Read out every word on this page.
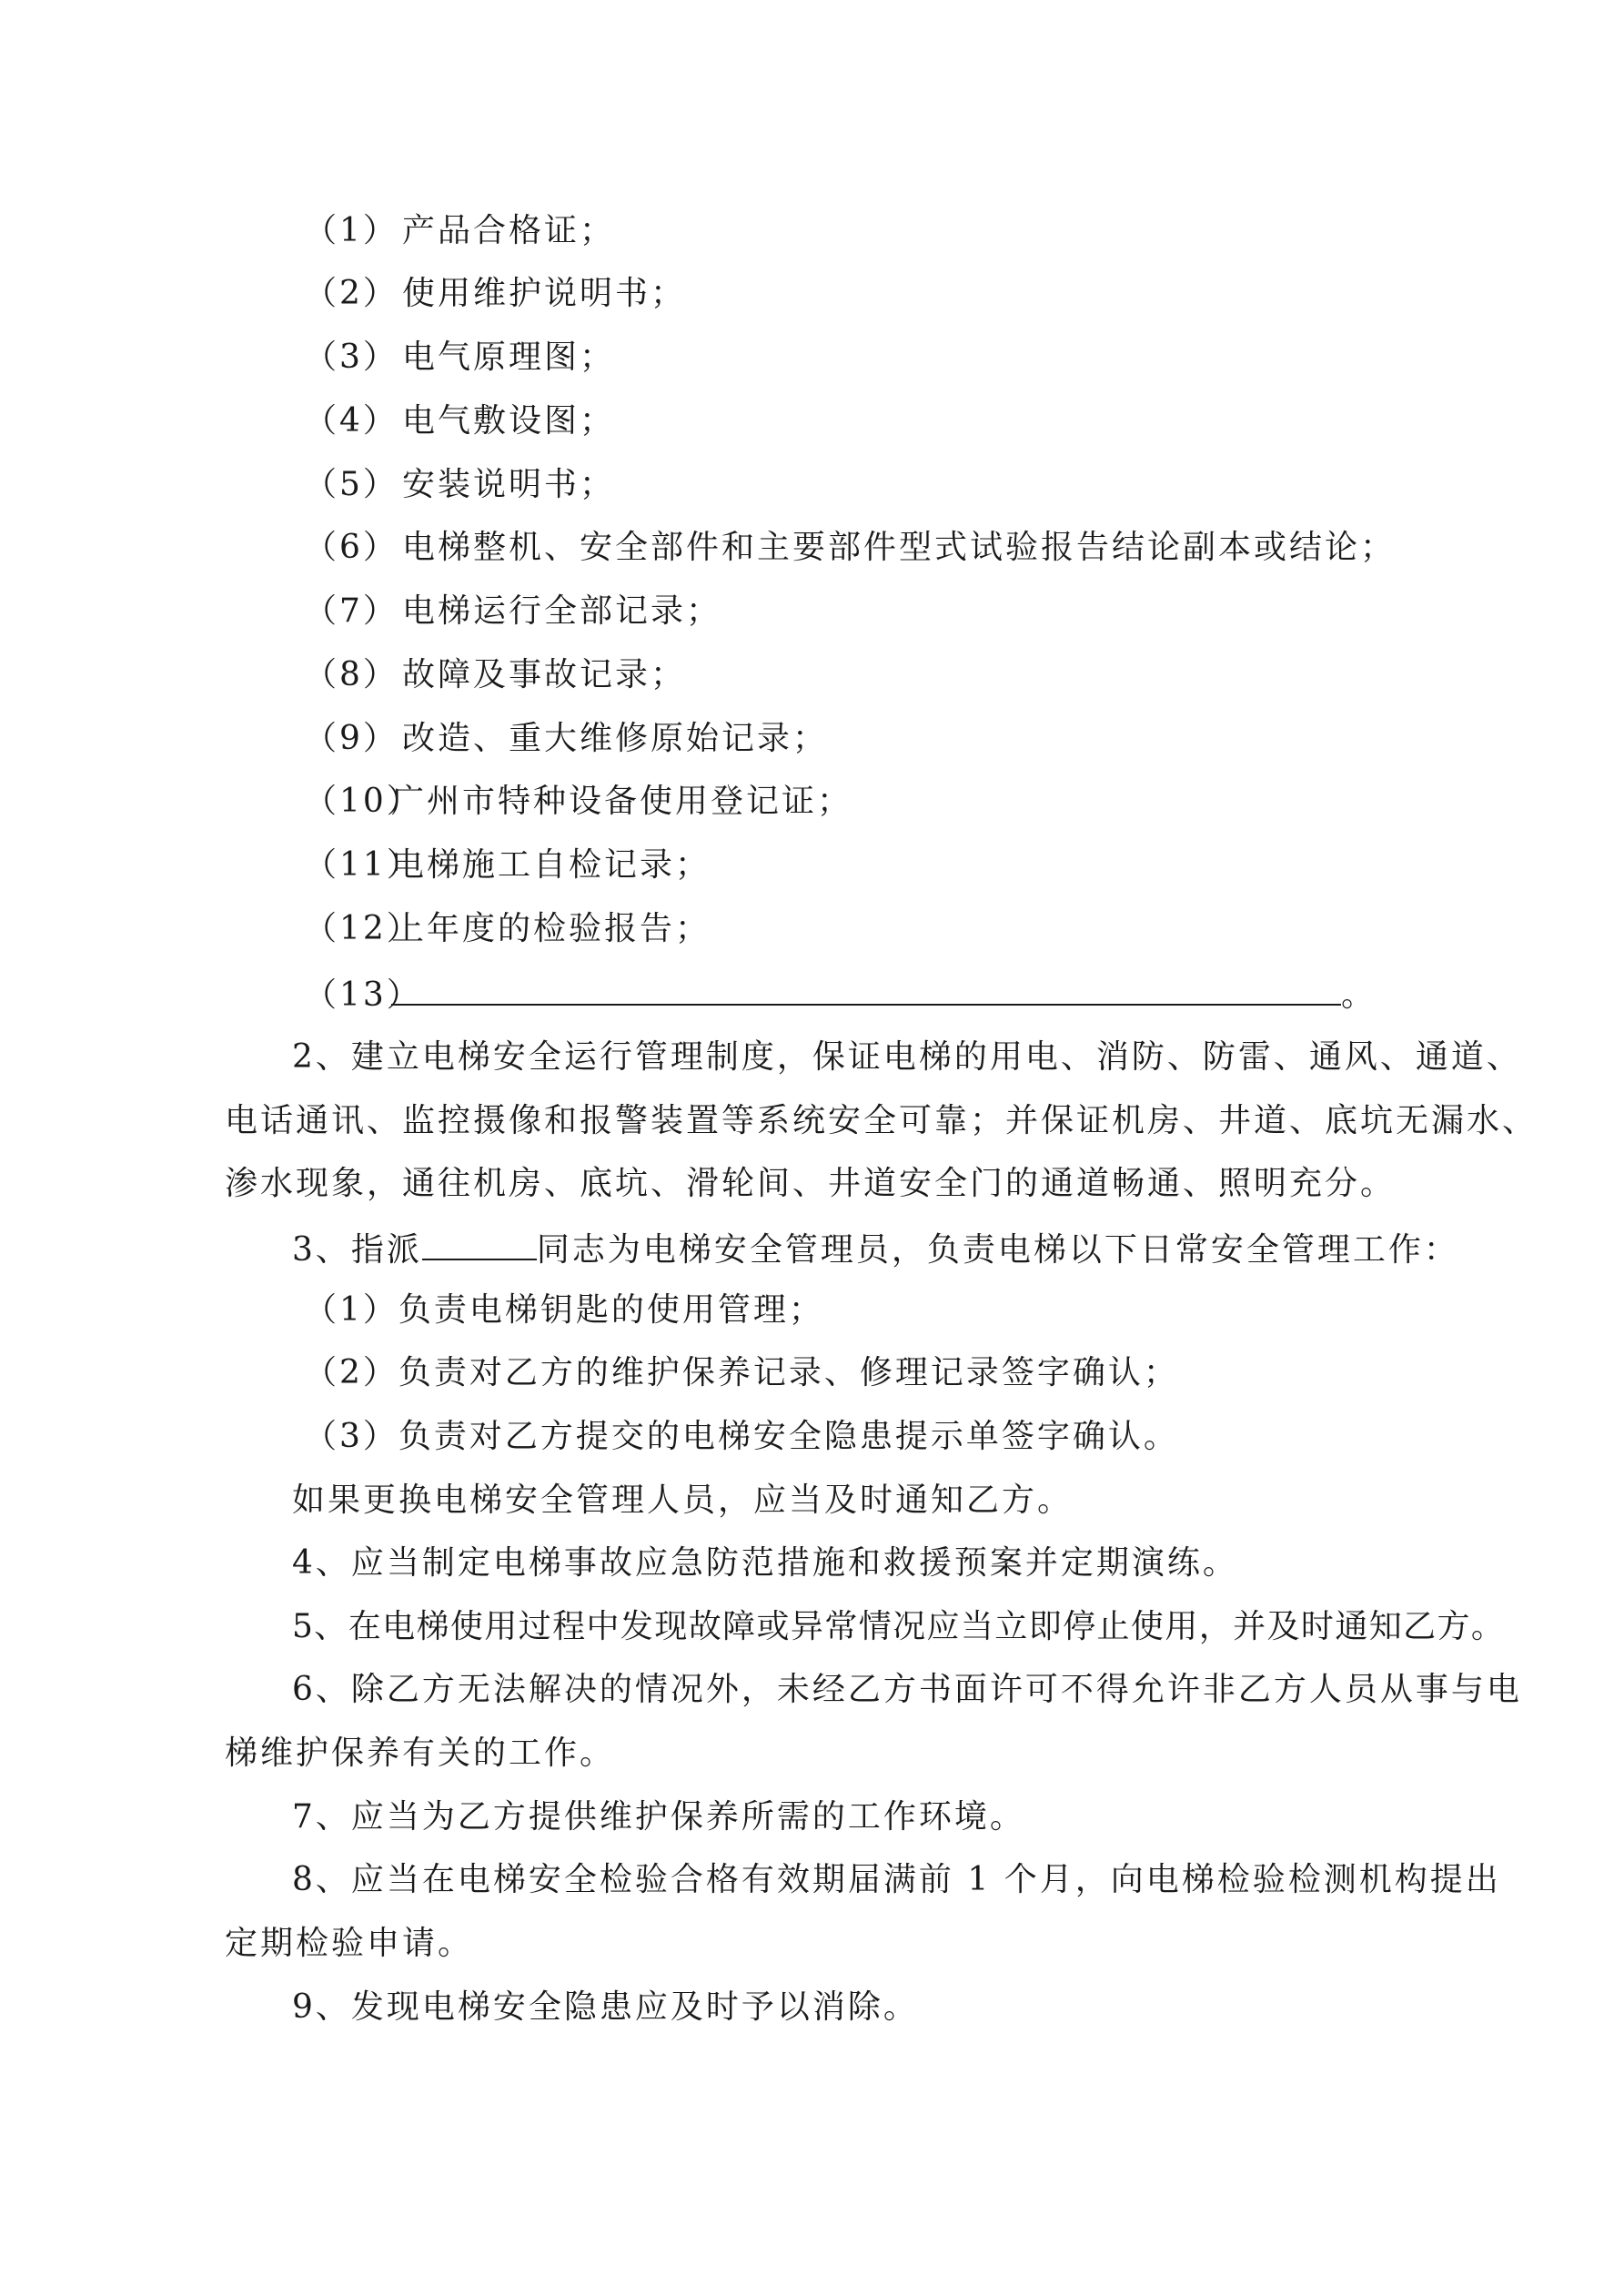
（1） 产品合格证；
（2） 使用维护说明书；
（3） 电气原理图；
（4） 电气敷设图；
（5） 安装说明书；
（6） 电梯整机、安全部件和主要部件型式试验报告结论副本或结论；
（7） 电梯运行全部记录；
（8） 故障及事故记录；
（9） 改造、重大维修原始记录；
（10）广州市特种设备使用登记证；
（11）电梯施工自检记录；
（12）上年度的检验报告；
（13）	。
2、建立电梯安全运行管理制度，保证电梯的用电、消防、防雷、通风、通道、
电话通讯、监控摄像和报警装置等系统安全可靠；并保证机房、井道、底坑无漏水、
渗水现象，通往机房、底坑、滑轮间、井道安全门的通道畅通、照明充分。
3、指派	同志为电梯安全管理员，负责电梯以下日常安全管理工作：
（1）负责电梯钥匙的使用管理；
（2）负责对乙方的维护保养记录、修理记录签字确认；
（3）负责对乙方提交的电梯安全隐患提示单签字确认。
如果更换电梯安全管理人员，应当及时通知乙方。
4、应当制定电梯事故应急防范措施和救援预案并定期演练。
5、在电梯使用过程中发现故障或异常情况应当立即停止使用，并及时通知乙方。
6、除乙方无法解决的情况外，未经乙方书面许可不得允许非乙方人员从事与电
梯维护保养有关的工作。
7、应当为乙方提供维护保养所需的工作环境。
8、应当在电梯安全检验合格有效期届满前 1 个月，向电梯检验检测机构提出
定期检验申请。
9、发现电梯安全隐患应及时予以消除。
